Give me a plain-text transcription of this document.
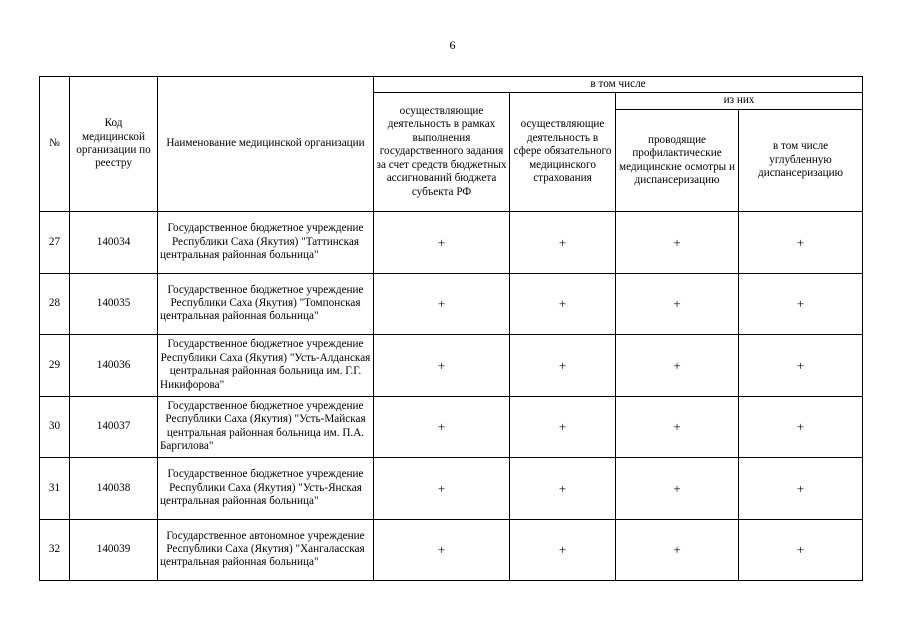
6
№	Код медицинской организации по реестру	Наименование медицинской организации	в том числе			
			осуществляющие деятельность в рамках выполнения государственного задания за счет средств бюджетных ассигнований бюджета субъекта РФ	осуществляющие деятельность в сфере обязательного медицинского страхования	из них	
					проводящие профилактические медицинские осмотры и диспансеризацию	в том числе углубленную диспансеризацию
27	140034	Государственное бюджетное учреждение Республики Саха (Якутия) "Таттинская центральная районная больница"	+	+	+	+
28	140035	Государственное бюджетное учреждение Республики Саха (Якутия) "Томпонская центральная районная больница"	+	+	+	+
29	140036	Государственное бюджетное учреждение Республики Саха (Якутия) "Усть-Алданская центральная районная больница им. Г.Г. Никифорова"	+	+	+	+
30	140037	Государственное бюджетное учреждение Республики Саха (Якутия) "Усть-Майская центральная районная больница им. П.А. Баргилова"	+	+	+	+
31	140038	Государственное бюджетное учреждение Республики Саха (Якутия) "Усть-Янская центральная районная больница"	+	+	+	+
32	140039	Государственное автономное учреждение Республики Саха (Якутия) "Хангаласская центральная районная больница"	+	+	+	+
